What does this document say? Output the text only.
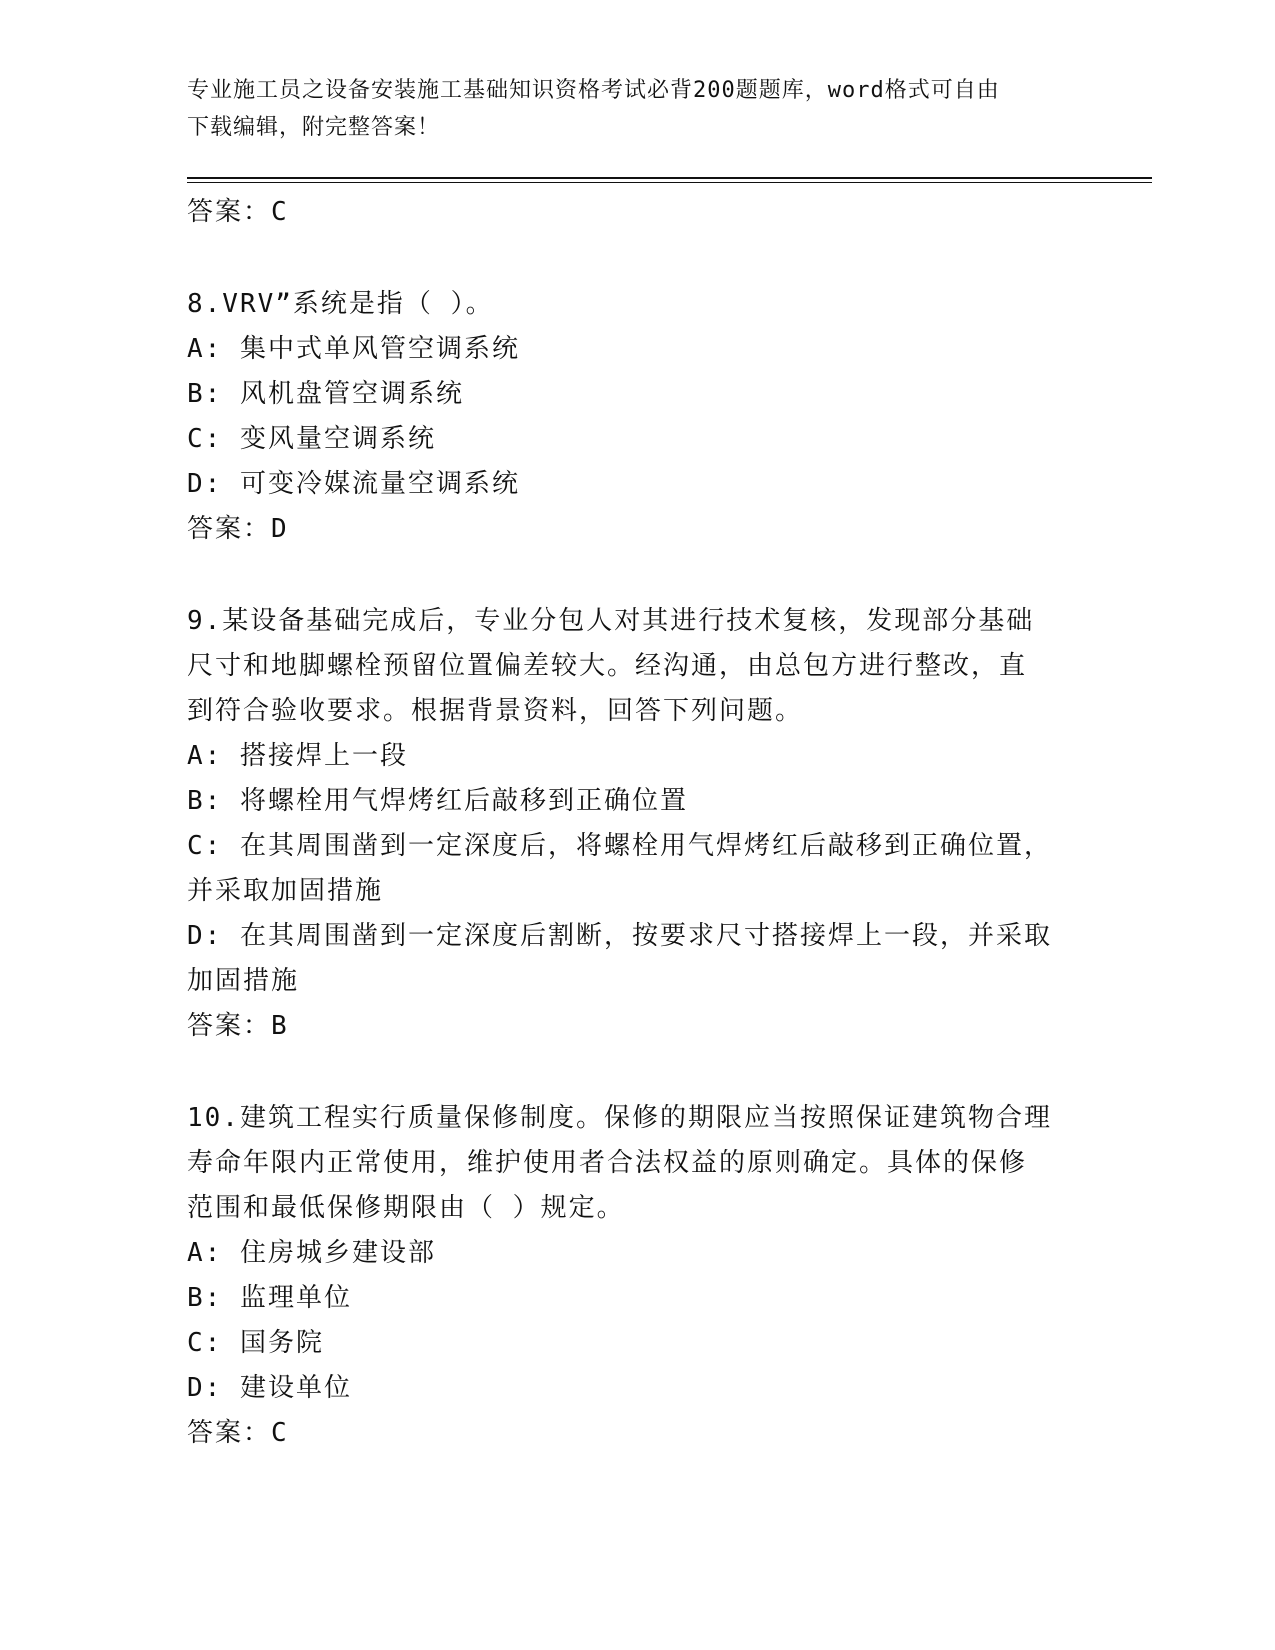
专业施工员之设备安装施工基础知识资格考试必背200题题库，word格式可自由
下载编辑，附完整答案！
答案：C
8.VRV”系统是指（ ）。
A: 集中式单风管空调系统
B: 风机盘管空调系统
C: 变风量空调系统
D: 可变冷媒流量空调系统
答案：D
9.某设备基础完成后，专业分包人对其进行技术复核，发现部分基础
尺寸和地脚螺栓预留位置偏差较大。经沟通，由总包方进行整改，直
到符合验收要求。根据背景资料，回答下列问题。
A: 搭接焊上一段
B: 将螺栓用气焊烤红后敲移到正确位置
C: 在其周围凿到一定深度后，将螺栓用气焊烤红后敲移到正确位置，
并采取加固措施
D: 在其周围凿到一定深度后割断，按要求尺寸搭接焊上一段，并采取
加固措施
答案：B
10.建筑工程实行质量保修制度。保修的期限应当按照保证建筑物合理
寿命年限内正常使用，维护使用者合法权益的原则确定。具体的保修
范围和最低保修期限由（ ）规定。
A: 住房城乡建设部
B: 监理单位
C: 国务院
D: 建设单位
答案：C
